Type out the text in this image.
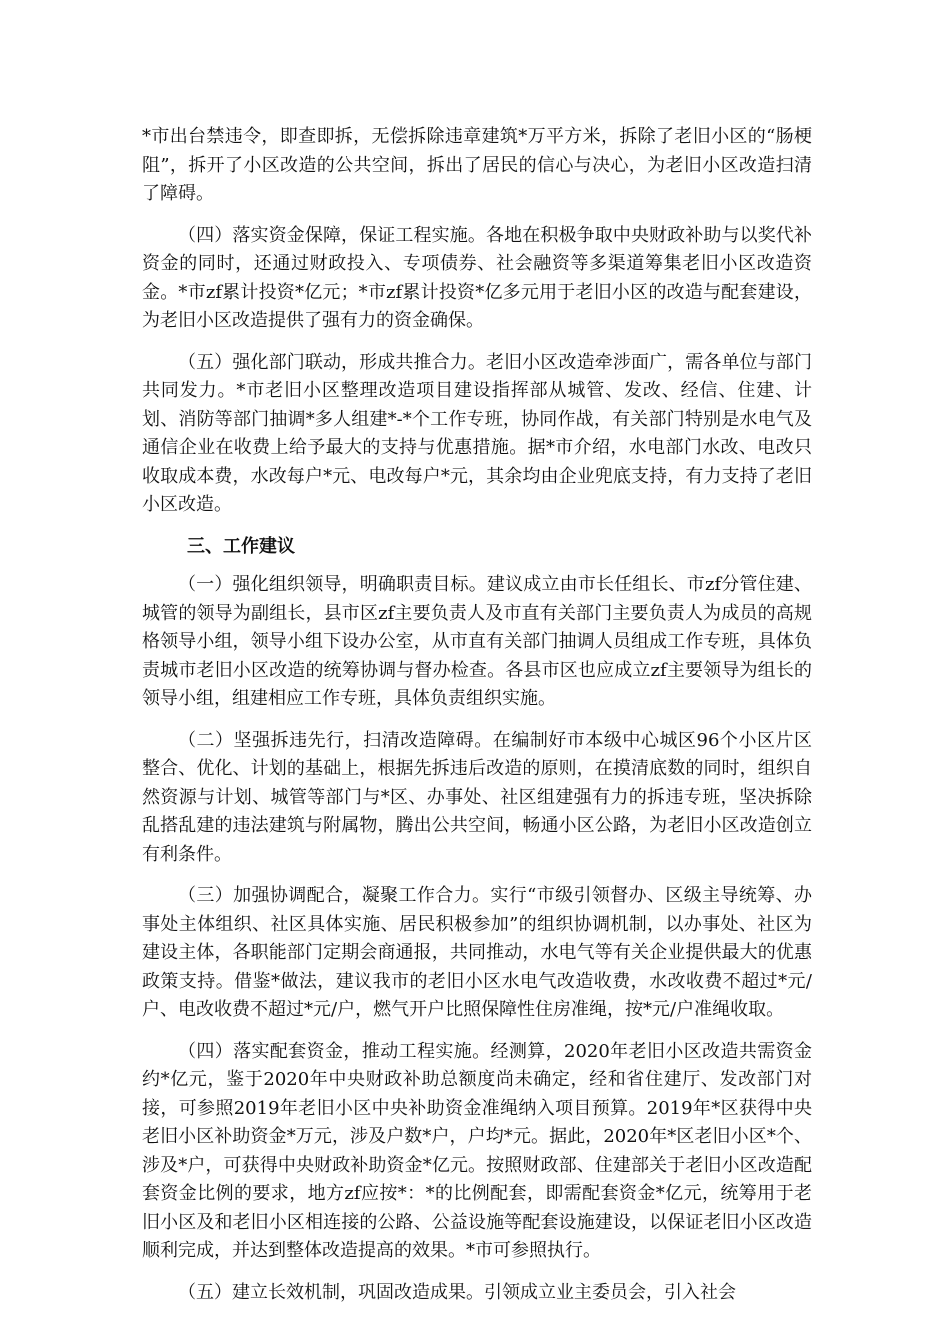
*市出台禁违令，即查即拆，无偿拆除违章建筑*万平方米，拆除了老旧小区的“肠梗阻”，拆开了小区改造的公共空间，拆出了居民的信心与决心，为老旧小区改造扫清了障碍。

（四）落实资金保障，保证工程实施。各地在积极争取中央财政补助与以奖代补资金的同时，还通过财政投入、专项债券、社会融资等多渠道筹集老旧小区改造资金。*市zf累计投资*亿元；*市zf累计投资*亿多元用于老旧小区的改造与配套建设，为老旧小区改造提供了强有力的资金确保。

（五）强化部门联动，形成共推合力。老旧小区改造牵涉面广，需各单位与部门共同发力。*市老旧小区整理改造项目建设指挥部从城管、发改、经信、住建、计划、消防等部门抽调*多人组建*-*个工作专班，协同作战，有关部门特别是水电气及通信企业在收费上给予最大的支持与优惠措施。据*市介绍，水电部门水改、电改只收取成本费，水改每户*元、电改每户*元，其余均由企业兜底支持，有力支持了老旧小区改造。

三、工作建议

（一）强化组织领导，明确职责目标。建议成立由市长任组长、市zf分管住建、城管的领导为副组长，县市区zf主要负责人及市直有关部门主要负责人为成员的高规格领导小组，领导小组下设办公室，从市直有关部门抽调人员组成工作专班，具体负责城市老旧小区改造的统筹协调与督办检查。各县市区也应成立zf主要领导为组长的领导小组，组建相应工作专班，具体负责组织实施。

（二）坚强拆违先行，扫清改造障碍。在编制好市本级中心城区96个小区片区整合、优化、计划的基础上，根据先拆违后改造的原则，在摸清底数的同时，组织自然资源与计划、城管等部门与*区、办事处、社区组建强有力的拆违专班，坚决拆除乱搭乱建的违法建筑与附属物，腾出公共空间，畅通小区公路，为老旧小区改造创立有利条件。

（三）加强协调配合，凝聚工作合力。实行“市级引领督办、区级主导统筹、办事处主体组织、社区具体实施、居民积极参加”的组织协调机制，以办事处、社区为建设主体，各职能部门定期会商通报，共同推动，水电气等有关企业提供最大的优惠政策支持。借鉴*做法，建议我市的老旧小区水电气改造收费，水改收费不超过*元/户、电改收费不超过*元/户，燃气开户比照保障性住房准绳，按*元/户准绳收取。

（四）落实配套资金，推动工程实施。经测算，2020年老旧小区改造共需资金约*亿元，鉴于2020年中央财政补助总额度尚未确定，经和省住建厅、发改部门对接，可参照2019年老旧小区中央补助资金准绳纳入项目预算。2019年*区获得中央老旧小区补助资金*万元，涉及户数*户，户均*元。据此，2020年*区老旧小区*个、涉及*户，可获得中央财政补助资金*亿元。按照财政部、住建部关于老旧小区改造配套资金比例的要求，地方zf应按*：*的比例配套，即需配套资金*亿元，统筹用于老旧小区及和老旧小区相连接的公路、公益设施等配套设施建设，以保证老旧小区改造顺利完成，并达到整体改造提高的效果。*市可参照执行。

（五）建立长效机制，巩固改造成果。引领成立业主委员会，引入社会
